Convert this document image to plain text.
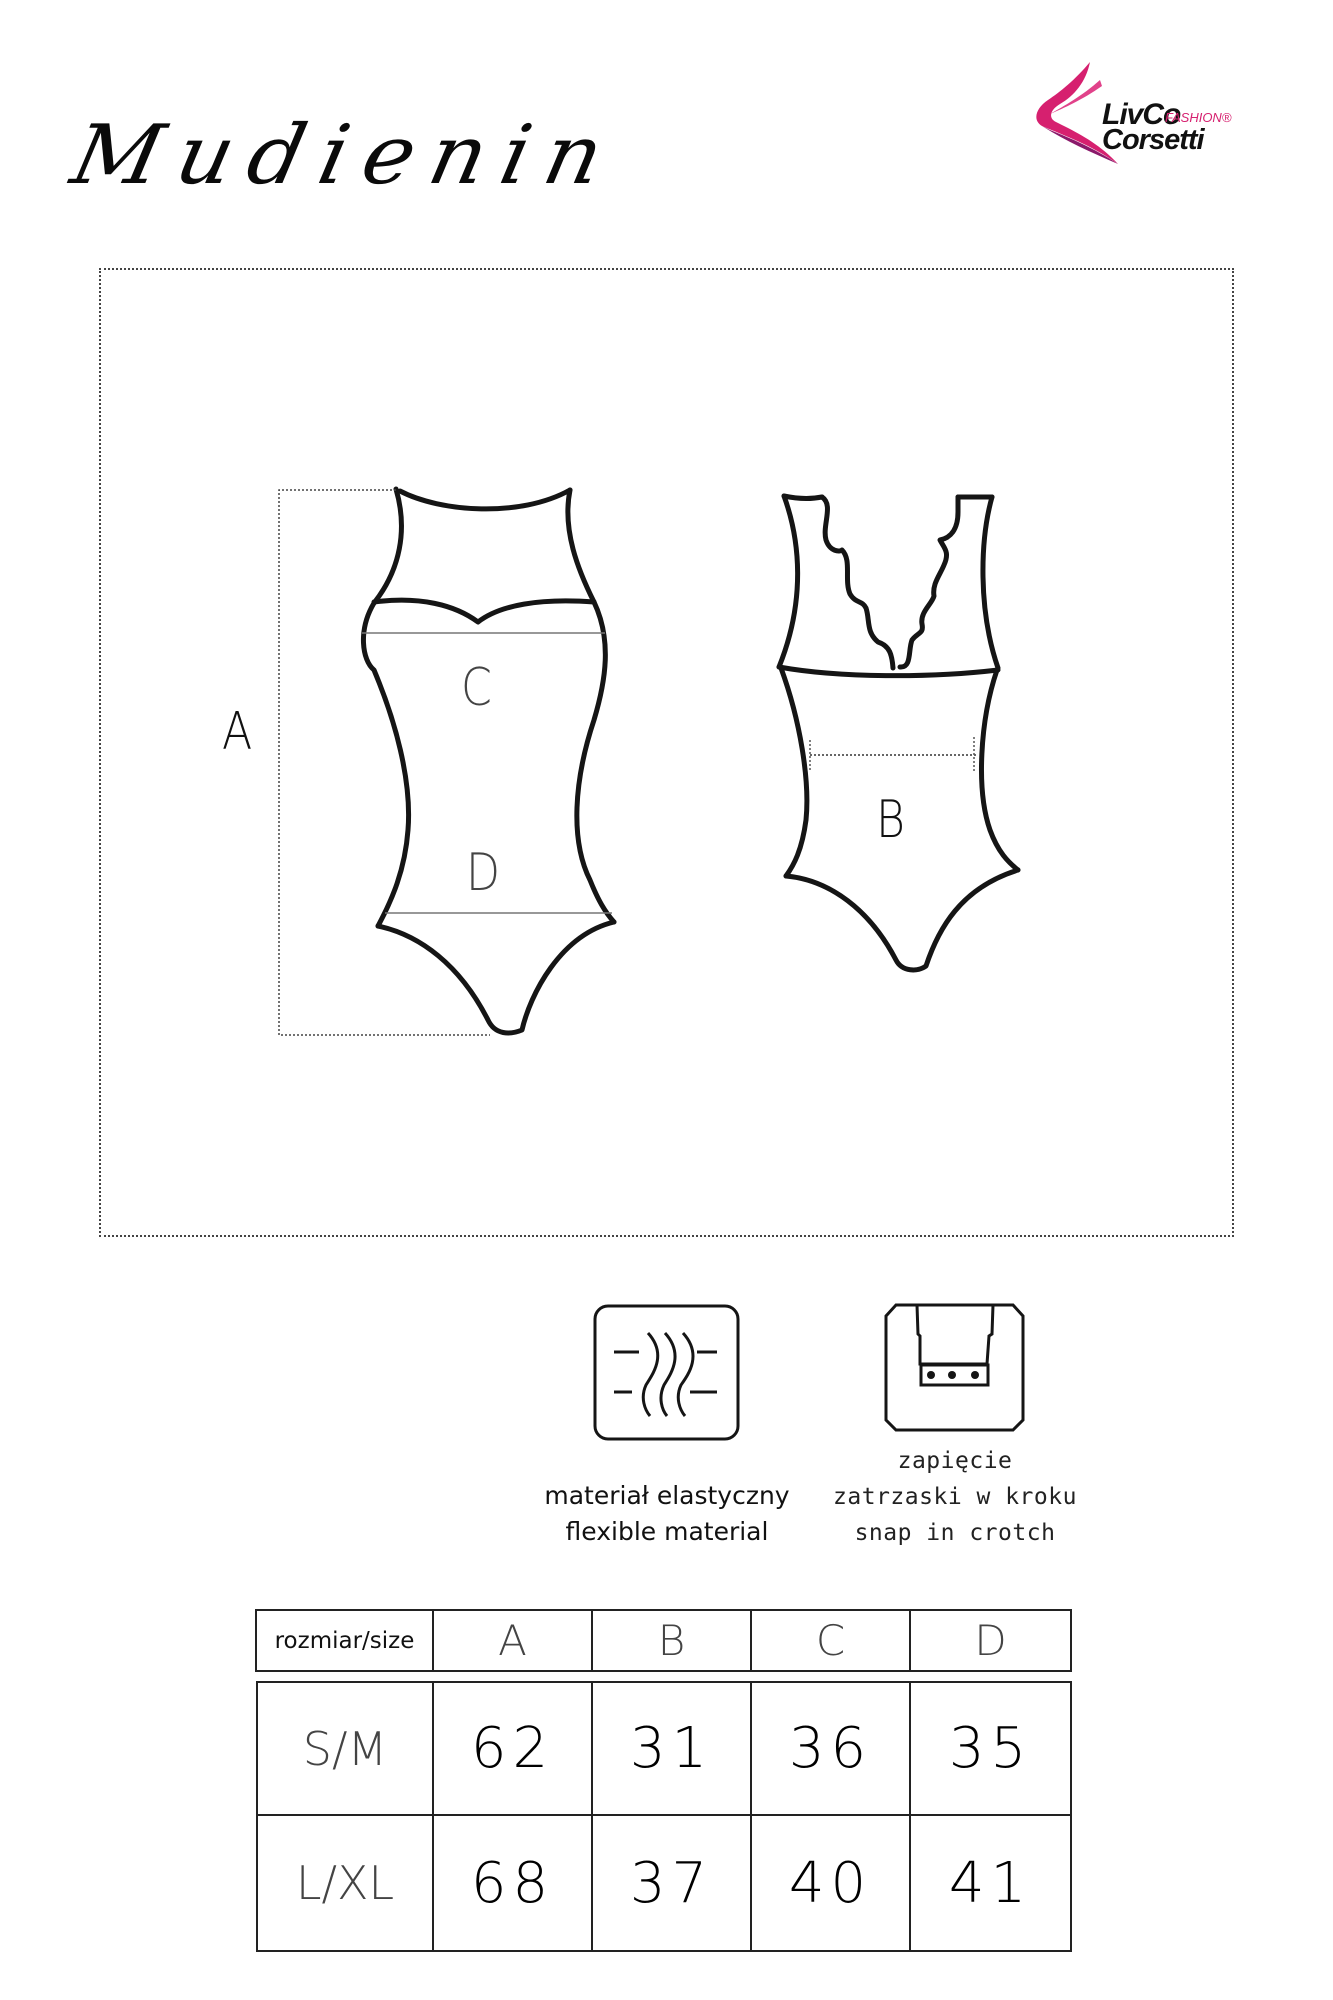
Mudienin	LivCo
FASHION®
Corsetti
A
C
D
B
materiał elastyczny
flexible material
zapięcie
zatrzaski w kroku
snap in crotch
rozmiar/size	A	B	C	D
S/M	62	31	36	35
L/XL	68	37	40	41
